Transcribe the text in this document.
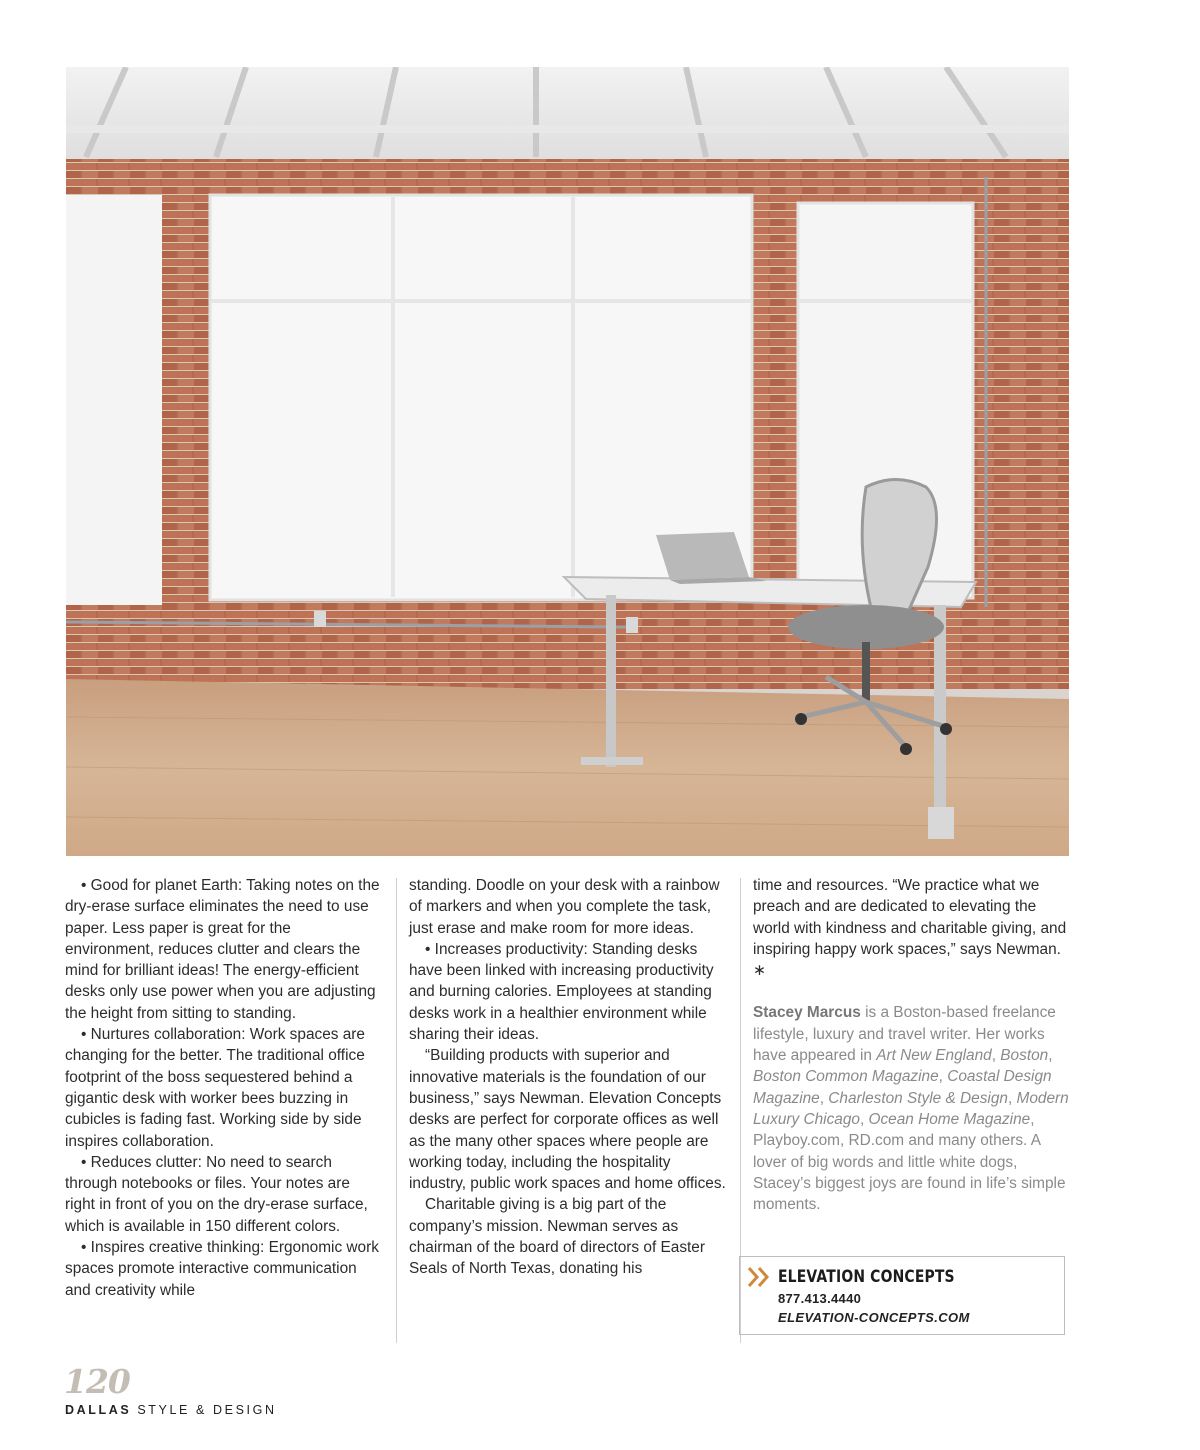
• Good for planet Earth: Taking notes on the dry-erase surface eliminates the need to use paper. Less paper is great for the environment, reduces clutter and clears the mind for brilliant ideas! The energy-efficient desks only use power when you are adjusting the height from sitting to standing.

• Nurtures collaboration: Work spaces are changing for the better. The traditional office footprint of the boss sequestered behind a gigantic desk with worker bees buzzing in cubicles is fading fast. Working side by side inspires collaboration.

• Reduces clutter: No need to search through notebooks or files. Your notes are right in front of you on the dry-erase surface, which is available in 150 different colors.

• Inspires creative thinking: Ergonomic work spaces promote interactive communication and creativity while

standing. Doodle on your desk with a rainbow of markers and when you complete the task, just erase and make room for more ideas.

• Increases productivity: Standing desks have been linked with increasing productivity and burning calories. Employees at standing desks work in a healthier environment while sharing their ideas.

“Building products with superior and innovative materials is the foundation of our business,” says Newman. Elevation Concepts desks are perfect for corporate offices as well as the many other spaces where people are working today, including the hospitality industry, public work spaces and home offices.

Charitable giving is a big part of the company’s mission. Newman serves as chairman of the board of directors of Easter Seals of North Texas, donating his

time and resources. “We practice what we preach and are dedicated to elevating the world with kindness and charitable giving, and inspiring happy work spaces,” says Newman. ∗

Stacey Marcus is a Boston-based freelance lifestyle, luxury and travel writer. Her works have appeared in Art New England, Boston, Boston Common Magazine, Coastal Design Magazine, Charleston Style & Design, Modern Luxury Chicago, Ocean Home Magazine, Playboy.com, RD.com and many others. A lover of big words and little white dogs, Stacey’s biggest joys are found in life’s simple moments.

ELEVATION CONCEPTS
877.413.4440
ELEVATION-CONCEPTS.COM
120
DALLAS STYLE & DESIGN
